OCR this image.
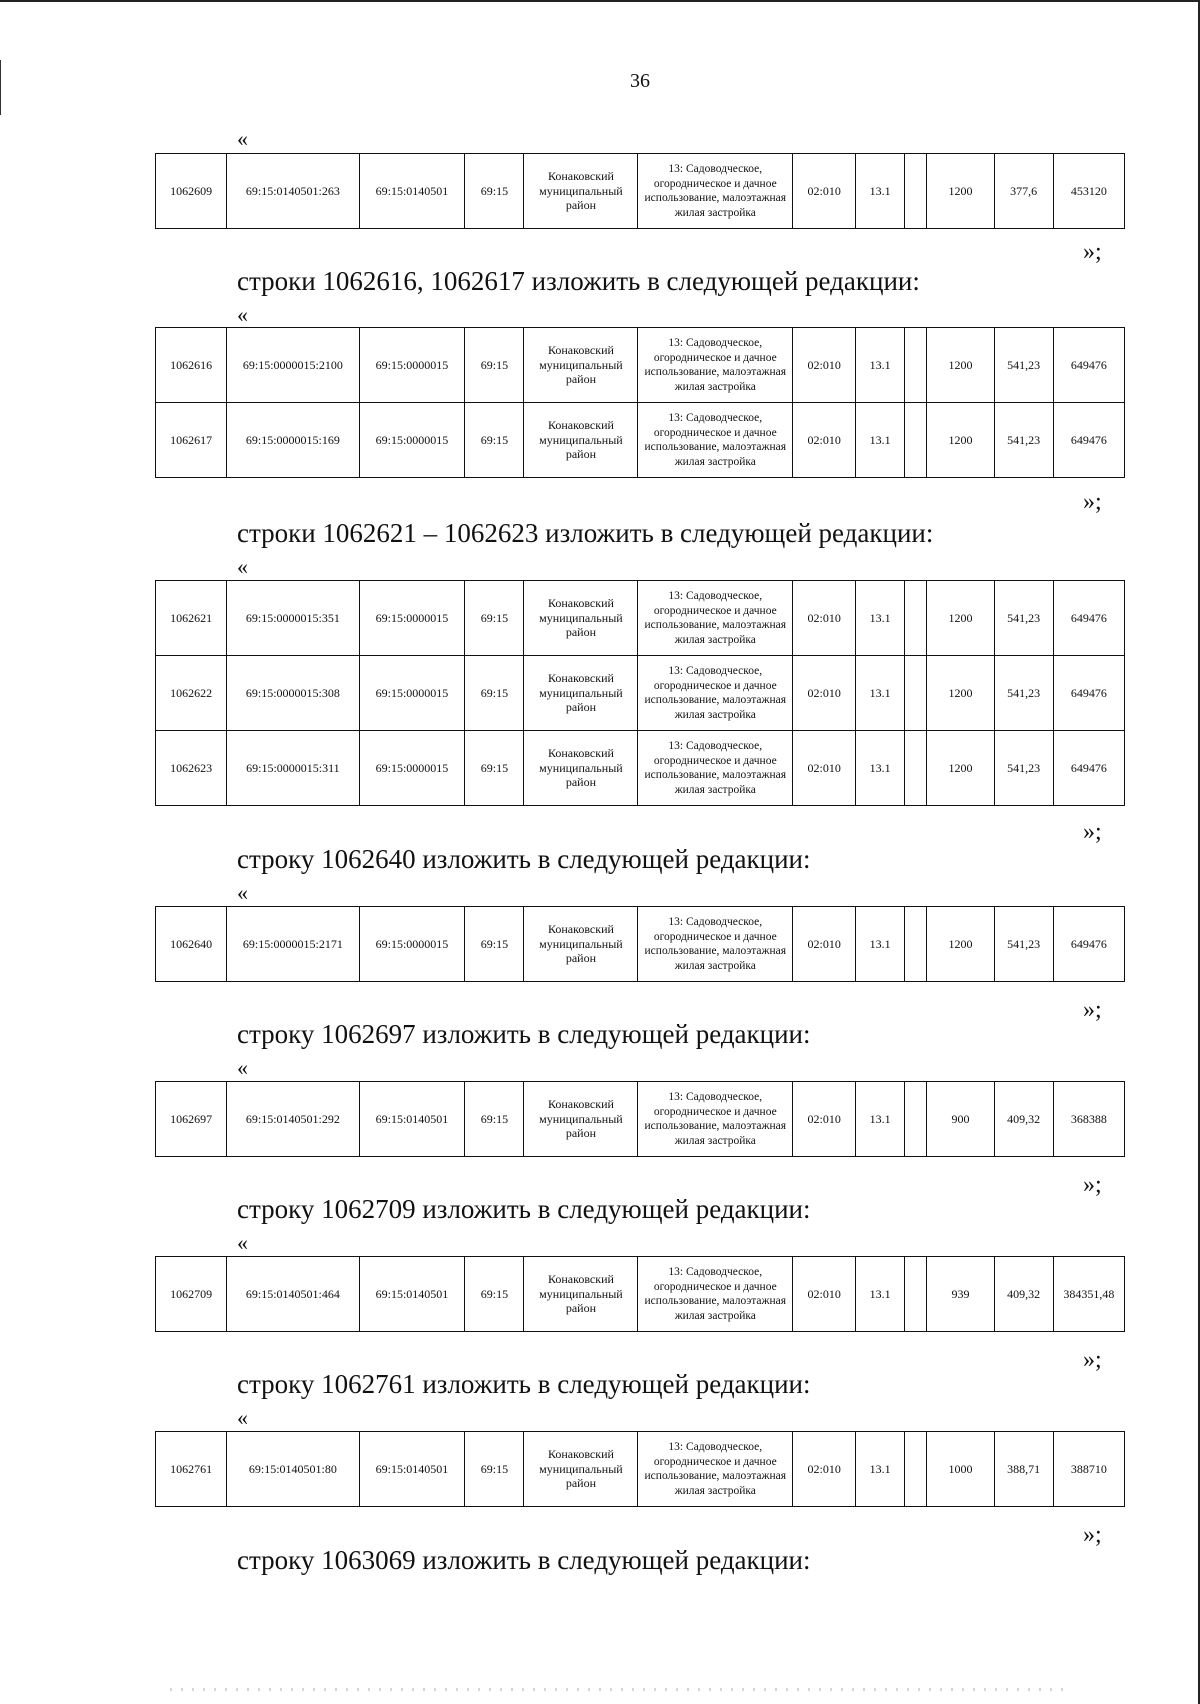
36
«
1062609	69:15:0140501:263	69:15:0140501	69:15	Конаковский муниципальный район	13: Садоводческое, огородническое и дачное использование, малоэтажная жилая застройка	02:010	13.1		1200	377,6	453120
»;
строки 1062616, 1062617 изложить в следующей редакции:
«
1062616	69:15:0000015:2100	69:15:0000015	69:15	Конаковский муниципальный район	13: Садоводческое, огородническое и дачное использование, малоэтажная жилая застройка	02:010	13.1		1200	541,23	649476
1062617	69:15:0000015:169	69:15:0000015	69:15	Конаковский муниципальный район	13: Садоводческое, огородническое и дачное использование, малоэтажная жилая застройка	02:010	13.1		1200	541,23	649476
»;
строки 1062621 – 1062623 изложить в следующей редакции:
«
1062621	69:15:0000015:351	69:15:0000015	69:15	Конаковский муниципальный район	13: Садоводческое, огородническое и дачное использование, малоэтажная жилая застройка	02:010	13.1		1200	541,23	649476
1062622	69:15:0000015:308	69:15:0000015	69:15	Конаковский муниципальный район	13: Садоводческое, огородническое и дачное использование, малоэтажная жилая застройка	02:010	13.1		1200	541,23	649476
1062623	69:15:0000015:311	69:15:0000015	69:15	Конаковский муниципальный район	13: Садоводческое, огородническое и дачное использование, малоэтажная жилая застройка	02:010	13.1		1200	541,23	649476
»;
строку 1062640 изложить в следующей редакции:
«
1062640	69:15:0000015:2171	69:15:0000015	69:15	Конаковский муниципальный район	13: Садоводческое, огородническое и дачное использование, малоэтажная жилая застройка	02:010	13.1		1200	541,23	649476
»;
строку 1062697 изложить в следующей редакции:
«
1062697	69:15:0140501:292	69:15:0140501	69:15	Конаковский муниципальный район	13: Садоводческое, огородническое и дачное использование, малоэтажная жилая застройка	02:010	13.1		900	409,32	368388
»;
строку 1062709 изложить в следующей редакции:
«
1062709	69:15:0140501:464	69:15:0140501	69:15	Конаковский муниципальный район	13: Садоводческое, огородническое и дачное использование, малоэтажная жилая застройка	02:010	13.1		939	409,32	384351,48
»;
строку 1062761 изложить в следующей редакции:
«
1062761	69:15:0140501:80	69:15:0140501	69:15	Конаковский муниципальный район	13: Садоводческое, огородническое и дачное использование, малоэтажная жилая застройка	02:010	13.1		1000	388,71	388710
»;
строку 1063069 изложить в следующей редакции:
